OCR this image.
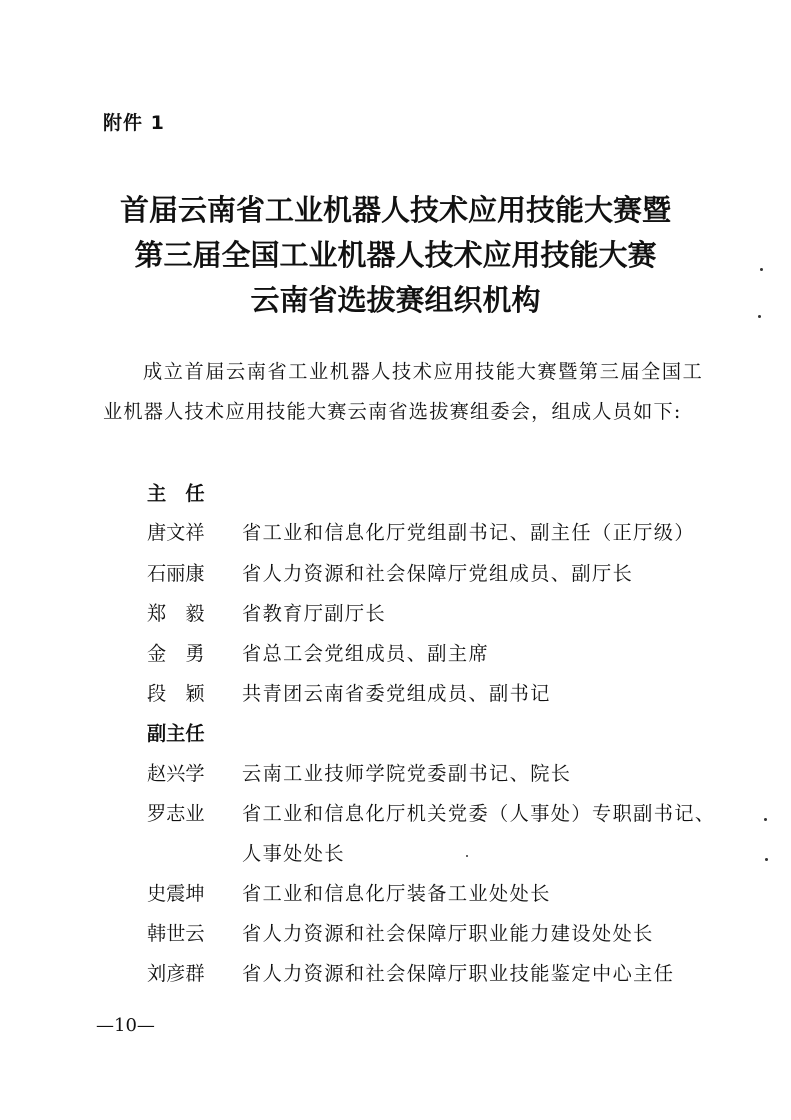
附件 1
首届云南省工业机器人技术应用技能大赛暨
第三届全国工业机器人技术应用技能大赛
云南省选拔赛组织机构
成立首届云南省工业机器人技术应用技能大赛暨第三届全国工业机器人技术应用技能大赛云南省选拔赛组委会，组成人员如下:
主　任
唐文祥 省工业和信息化厅党组副书记、副主任（正厅级）
石丽康 省人力资源和社会保障厅党组成员、副厅长
郑　毅 省教育厅副厅长
金　勇 省总工会党组成员、副主席
段　颖 共青团云南省委党组成员、副书记
副主任
赵兴学 云南工业技师学院党委副书记、院长
罗志业 省工业和信息化厅机关党委（人事处）专职副书记、
人事处处长
史震坤 省工业和信息化厅装备工业处处长
韩世云 省人力资源和社会保障厅职业能力建设处处长
刘彦群 省人力资源和社会保障厅职业技能鉴定中心主任
—10—
